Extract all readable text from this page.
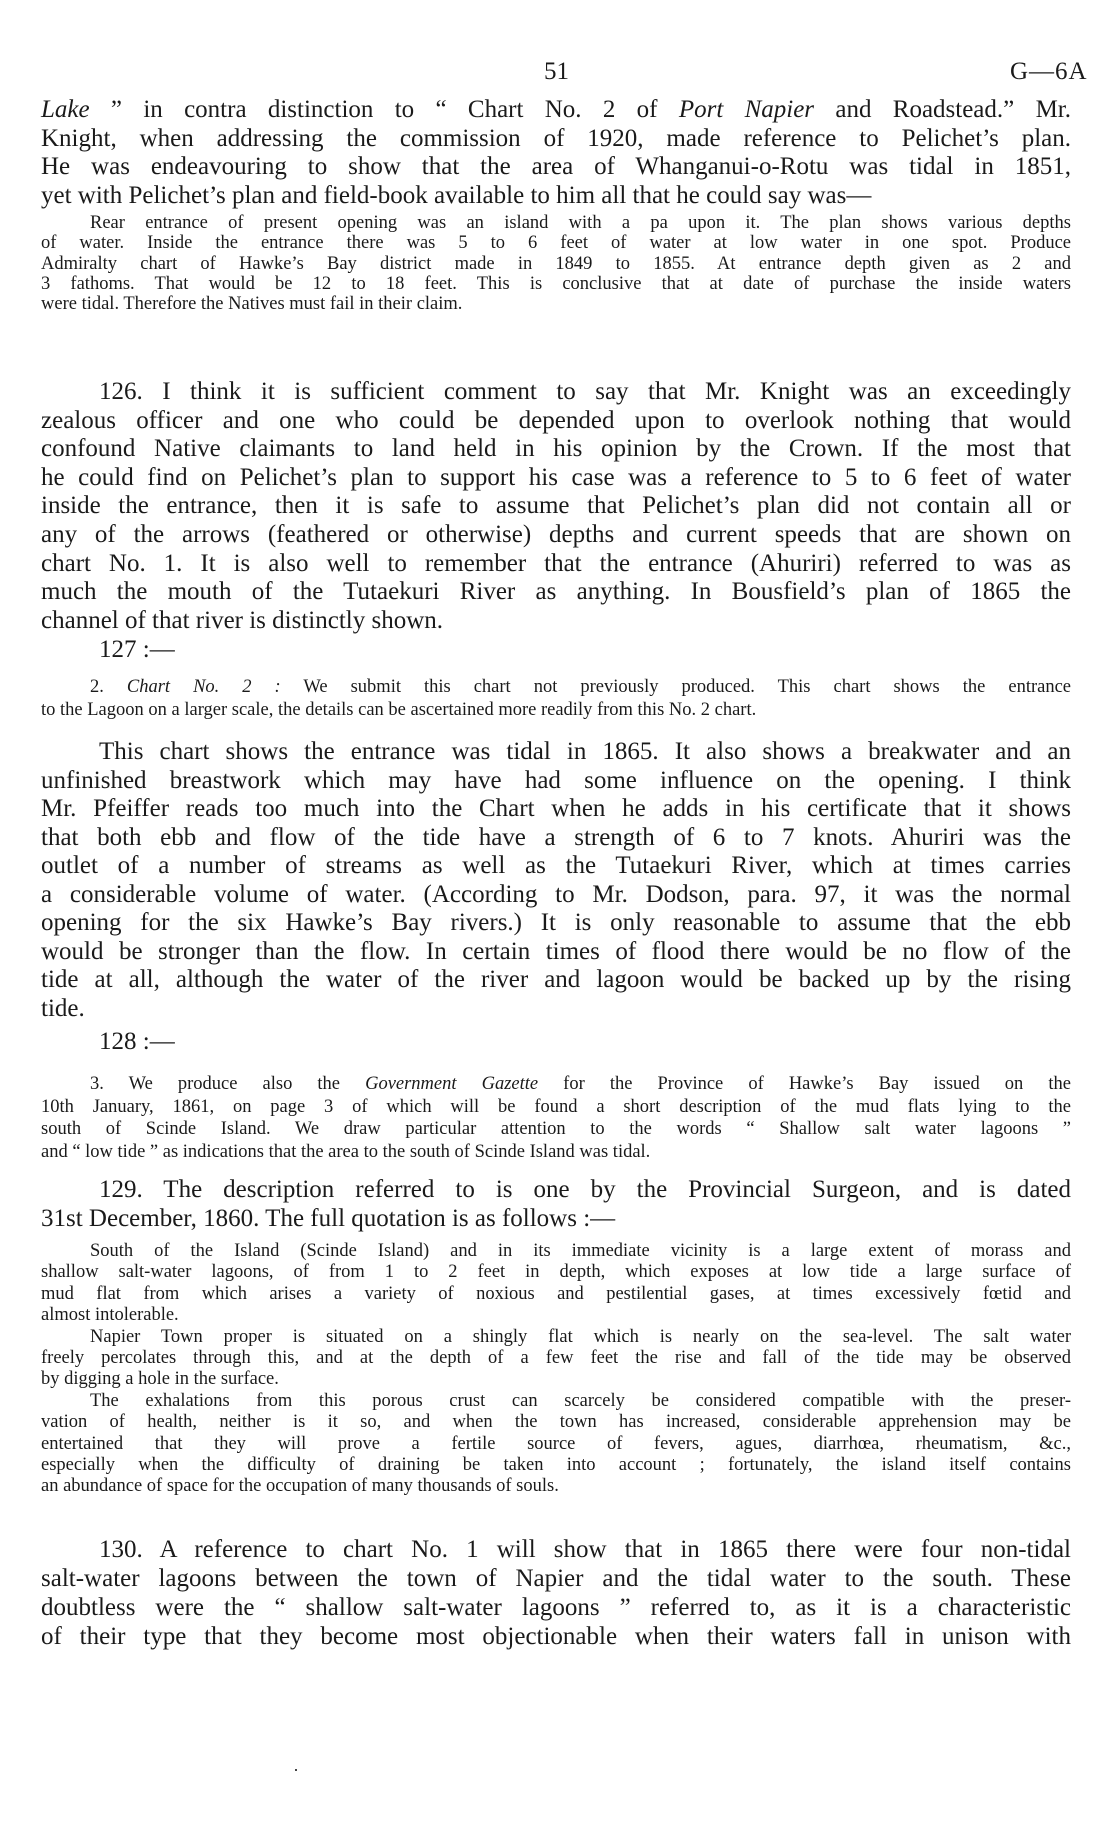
51	G—6A
Lake ” in contra distinction to “ Chart No. 2 of Port Napier and Roadstead.” Mr.
Knight, when addressing the commission of 1920, made reference to Pelichet’s plan.
He was endeavouring to show that the area of Whanganui-o-Rotu was tidal in 1851,
yet with Pelichet’s plan and field-book available to him all that he could say was—
Rear entrance of present opening was an island with a pa upon it. The plan shows various depths
of water. Inside the entrance there was 5 to 6 feet of water at low water in one spot. Produce
Admiralty chart of Hawke’s Bay district made in 1849 to 1855. At entrance depth given as 2 and
3 fathoms. That would be 12 to 18 feet. This is conclusive that at date of purchase the inside waters
were tidal. Therefore the Natives must fail in their claim.
126. I think it is sufficient comment to say that Mr. Knight was an exceedingly
zealous officer and one who could be depended upon to overlook nothing that would
confound Native claimants to land held in his opinion by the Crown. If the most that
he could find on Pelichet’s plan to support his case was a reference to 5 to 6 feet of water
inside the entrance, then it is safe to assume that Pelichet’s plan did not contain all or
any of the arrows (feathered or otherwise) depths and current speeds that are shown on
chart No. 1. It is also well to remember that the entrance (Ahuriri) referred to was as
much the mouth of the Tutaekuri River as anything. In Bousfield’s plan of 1865 the
channel of that river is distinctly shown.
127 :—
2. Chart No. 2 : We submit this chart not previously produced. This chart shows the entrance
to the Lagoon on a larger scale, the details can be ascertained more readily from this No. 2 chart.
This chart shows the entrance was tidal in 1865. It also shows a breakwater and an
unfinished breastwork which may have had some influence on the opening. I think
Mr. Pfeiffer reads too much into the Chart when he adds in his certificate that it shows
that both ebb and flow of the tide have a strength of 6 to 7 knots. Ahuriri was the
outlet of a number of streams as well as the Tutaekuri River, which at times carries
a considerable volume of water. (According to Mr. Dodson, para. 97, it was the normal
opening for the six Hawke’s Bay rivers.) It is only reasonable to assume that the ebb
would be stronger than the flow. In certain times of flood there would be no flow of the
tide at all, although the water of the river and lagoon would be backed up by the rising
tide.
128 :—
3. We produce also the Government Gazette for the Province of Hawke’s Bay issued on the
10th January, 1861, on page 3 of which will be found a short description of the mud flats lying to the
south of Scinde Island. We draw particular attention to the words “ Shallow salt water lagoons ”
and “ low tide ” as indications that the area to the south of Scinde Island was tidal.
129. The description referred to is one by the Provincial Surgeon, and is dated
31st December, 1860. The full quotation is as follows :—
South of the Island (Scinde Island) and in its immediate vicinity is a large extent of morass and
shallow salt-water lagoons, of from 1 to 2 feet in depth, which exposes at low tide a large surface of
mud flat from which arises a variety of noxious and pestilential gases, at times excessively fœtid and
almost intolerable.
Napier Town proper is situated on a shingly flat which is nearly on the sea-level. The salt water
freely percolates through this, and at the depth of a few feet the rise and fall of the tide may be observed
by digging a hole in the surface.
The exhalations from this porous crust can scarcely be considered compatible with the preser-
vation of health, neither is it so, and when the town has increased, considerable apprehension may be
entertained that they will prove a fertile source of fevers, agues, diarrhœa, rheumatism, &c.,
especially when the difficulty of draining be taken into account ; fortunately, the island itself contains
an abundance of space for the occupation of many thousands of souls.
130. A reference to chart No. 1 will show that in 1865 there were four non-tidal
salt-water lagoons between the town of Napier and the tidal water to the south. These
doubtless were the “ shallow salt-water lagoons ” referred to, as it is a characteristic
of their type that they become most objectionable when their waters fall in unison with
